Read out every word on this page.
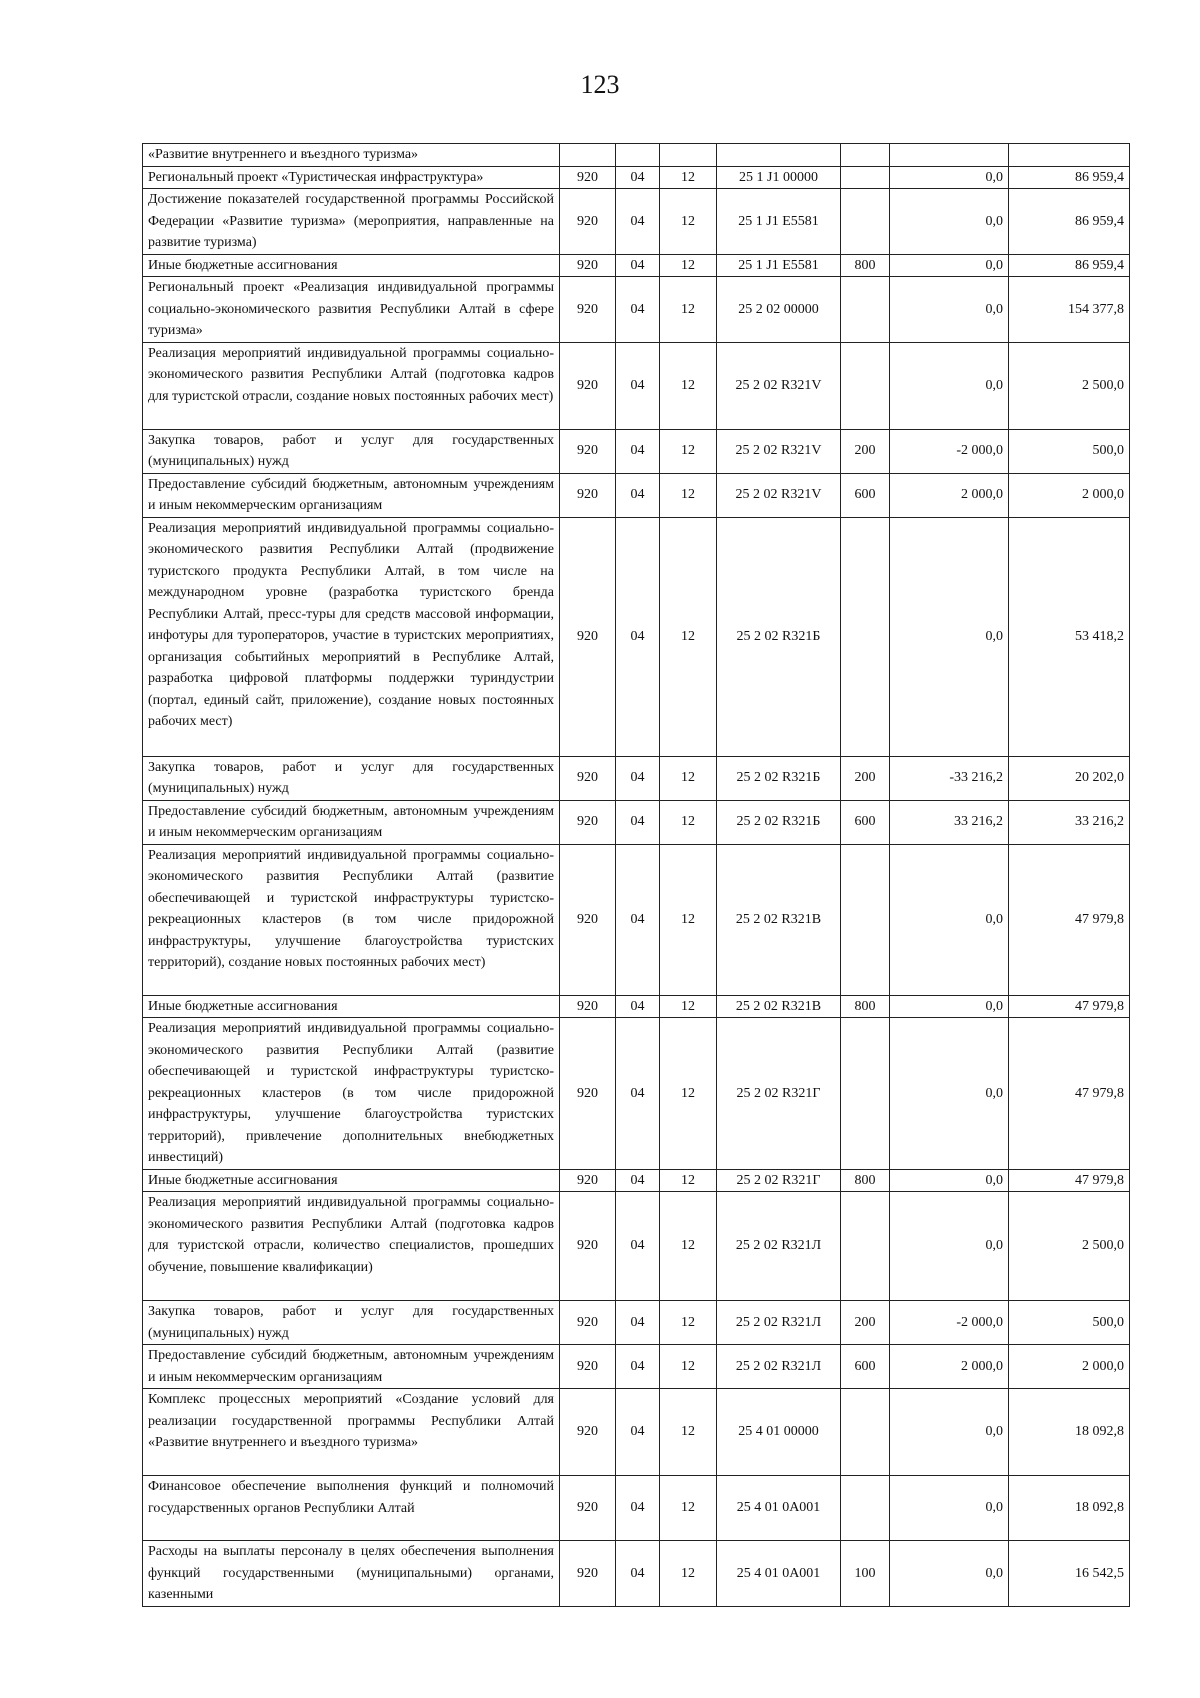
123
«Развитие внутреннего и въездного туризма»							
Региональный проект «Туристическая инфраструктура»	920	04	12	25 1 J1 00000		0,0	86 959,4
Достижение показателей государственной программы Российской Федерации «Развитие туризма» (мероприятия, направленные на развитие туризма)	920	04	12	25 1 J1 E5581		0,0	86 959,4
Иные бюджетные ассигнования	920	04	12	25 1 J1 E5581	800	0,0	86 959,4
Региональный проект «Реализация индивидуальной программы социально-экономического развития Республики Алтай в сфере туризма»	920	04	12	25 2 02 00000		0,0	154 377,8
Реализация мероприятий индивидуальной программы социально-экономического развития Республики Алтай (подготовка кадров для туристской отрасли, создание новых постоянных рабочих мест)	920	04	12	25 2 02 R321V		0,0	2 500,0
Закупка товаров, работ и услуг для государственных (муниципальных) нужд	920	04	12	25 2 02 R321V	200	-2 000,0	500,0
Предоставление субсидий бюджетным, автономным учреждениям и иным некоммерческим организациям	920	04	12	25 2 02 R321V	600	2 000,0	2 000,0
Реализация мероприятий индивидуальной программы социально-экономического развития Республики Алтай (продвижение туристского продукта Республики Алтай, в том числе на международном уровне (разработка туристского бренда Республики Алтай, пресс-туры для средств массовой информации, инфотуры для туроператоров, участие в туристских мероприятиях, организация событийных мероприятий в Республике Алтай, разработка цифровой платформы поддержки туриндустрии (портал, единый сайт, приложение), создание новых постоянных рабочих мест)	920	04	12	25 2 02 R321Б		0,0	53 418,2
Закупка товаров, работ и услуг для государственных (муниципальных) нужд	920	04	12	25 2 02 R321Б	200	-33 216,2	20 202,0
Предоставление субсидий бюджетным, автономным учреждениям и иным некоммерческим организациям	920	04	12	25 2 02 R321Б	600	33 216,2	33 216,2
Реализация мероприятий индивидуальной программы социально-экономического развития Республики Алтай (развитие обеспечивающей и туристской инфраструктуры туристско-рекреационных кластеров (в том числе придорожной инфраструктуры, улучшение благоустройства туристских территорий), создание новых постоянных рабочих мест)	920	04	12	25 2 02 R321В		0,0	47 979,8
Иные бюджетные ассигнования	920	04	12	25 2 02 R321В	800	0,0	47 979,8
Реализация мероприятий индивидуальной программы социально-экономического развития Республики Алтай (развитие обеспечивающей и туристской инфраструктуры туристско-рекреационных кластеров (в том числе придорожной инфраструктуры, улучшение благоустройства туристских территорий), привлечение дополнительных внебюджетных инвестиций)	920	04	12	25 2 02 R321Г		0,0	47 979,8
Иные бюджетные ассигнования	920	04	12	25 2 02 R321Г	800	0,0	47 979,8
Реализация мероприятий индивидуальной программы социально-экономического развития Республики Алтай (подготовка кадров для туристской отрасли, количество специалистов, прошедших обучение, повышение квалификации)	920	04	12	25 2 02 R321Л		0,0	2 500,0
Закупка товаров, работ и услуг для государственных (муниципальных) нужд	920	04	12	25 2 02 R321Л	200	-2 000,0	500,0
Предоставление субсидий бюджетным, автономным учреждениям и иным некоммерческим организациям	920	04	12	25 2 02 R321Л	600	2 000,0	2 000,0
Комплекс процессных мероприятий «Создание условий для реализации государственной программы Республики Алтай «Развитие внутреннего и въездного туризма»	920	04	12	25 4 01 00000		0,0	18 092,8
Финансовое обеспечение выполнения функций и полномочий государственных органов Республики Алтай	920	04	12	25 4 01 0A001		0,0	18 092,8
Расходы на выплаты персоналу в целях обеспечения выполнения функций государственными (муниципальными) органами, казенными	920	04	12	25 4 01 0A001	100	0,0	16 542,5
